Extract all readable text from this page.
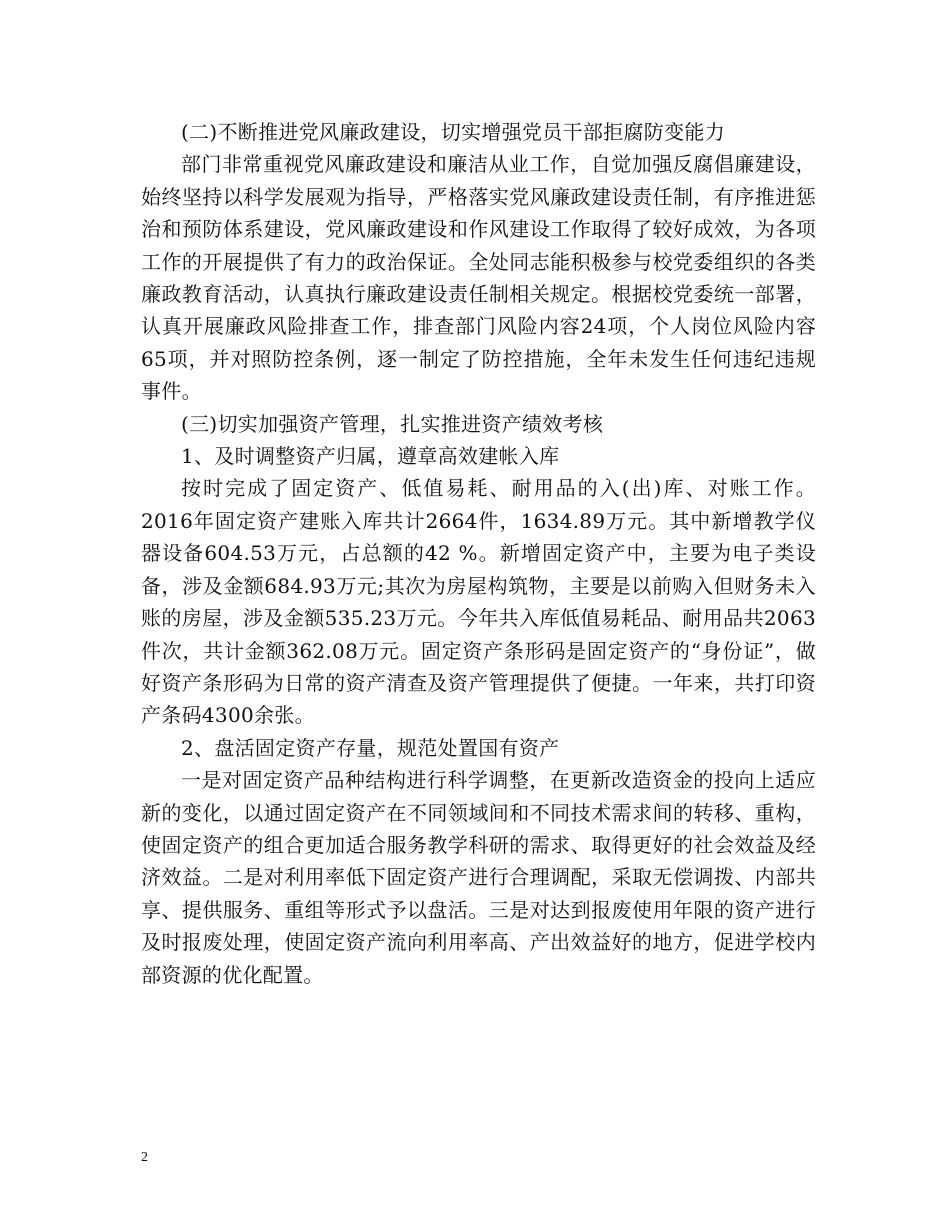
(二)不断推进党风廉政建设，切实增强党员干部拒腐防变能力

部门非常重视党风廉政建设和廉洁从业工作，自觉加强反腐倡廉建设，始终坚持以科学发展观为指导，严格落实党风廉政建设责任制，有序推进惩治和预防体系建设，党风廉政建设和作风建设工作取得了较好成效，为各项工作的开展提供了有力的政治保证。全处同志能积极参与校党委组织的各类廉政教育活动，认真执行廉政建设责任制相关规定。根据校党委统一部署，认真开展廉政风险排查工作，排查部门风险内容24项，个人岗位风险内容65项，并对照防控条例，逐一制定了防控措施，全年未发生任何违纪违规事件。

(三)切实加强资产管理，扎实推进资产绩效考核

1、及时调整资产归属，遵章高效建帐入库

按时完成了固定资产、低值易耗、耐用品的入(出)库、对账工作。2016年固定资产建账入库共计2664件，1634.89万元。其中新增教学仪器设备604.53万元，占总额的42 %。新增固定资产中，主要为电子类设备，涉及金额684.93万元;其次为房屋构筑物，主要是以前购入但财务未入账的房屋，涉及金额535.23万元。今年共入库低值易耗品、耐用品共2063件次，共计金额362.08万元。固定资产条形码是固定资产的“身份证”，做好资产条形码为日常的资产清查及资产管理提供了便捷。一年来，共打印资产条码4300余张。

2、盘活固定资产存量，规范处置国有资产

一是对固定资产品种结构进行科学调整，在更新改造资金的投向上适应新的变化，以通过固定资产在不同领域间和不同技术需求间的转移、重构，使固定资产的组合更加适合服务教学科研的需求、取得更好的社会效益及经济效益。二是对利用率低下固定资产进行合理调配，采取无偿调拨、内部共享、提供服务、重组等形式予以盘活。三是对达到报废使用年限的资产进行及时报废处理，使固定资产流向利用率高、产出效益好的地方，促进学校内部资源的优化配置。

2
